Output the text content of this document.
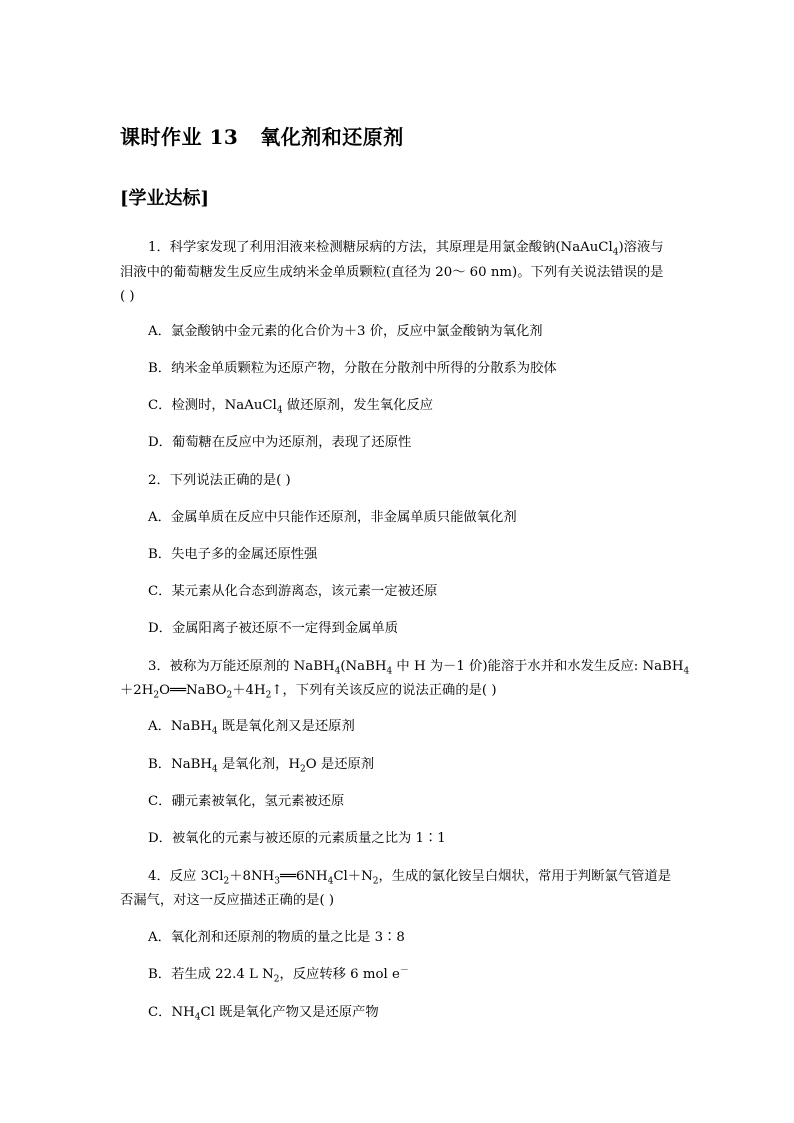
课时作业 13 氧化剂和还原剂
[学业达标]
1．科学家发现了利用泪液来检测糖尿病的方法，其原理是用氯金酸钠(NaAuCl$_4$)溶液与
泪液中的葡萄糖发生反应生成纳米金单质颗粒(直径为 20～ 60 nm)。下列有关说法错误的是
( )
A．氯金酸钠中金元素的化合价为＋3 价，反应中氯金酸钠为氧化剂
B．纳米金单质颗粒为还原产物，分散在分散剂中所得的分散系为胶体
C．检测时，NaAuCl$_4$ 做还原剂，发生氧化反应
D．葡萄糖在反应中为还原剂，表现了还原性
2．下列说法正确的是( )
A．金属单质在反应中只能作还原剂，非金属单质只能做氧化剂
B．失电子多的金属还原性强
C．某元素从化合态到游离态，该元素一定被还原
D．金属阳离子被还原不一定得到金属单质
3．被称为万能还原剂的 NaBH$_4$(NaBH$_4$ 中 H 为－1 价)能溶于水并和水发生反应: NaBH$_4$
$+2H_2O══NaBO_2+4H_2↑$，下列有关该反应的说法正确的是( )
A．NaBH$_4$ 既是氧化剂又是还原剂
B．NaBH$_4$ 是氧化剂，$H_2O$ 是还原剂
C．硼元素被氧化，氢元素被还原
D．被氧化的元素与被还原的元素质量之比为 1∶1
4．反应 $3Cl_2+8NH_3══6NH_4Cl+N_2$，生成的氯化铵呈白烟状，常用于判断氯气管道是
否漏气，对这一反应描述正确的是( )
A．氧化剂和还原剂的物质的量之比是 3∶8
B．若生成 22.4 L $N_2$，反应转移 6 mol e－
C．$NH_4Cl$ 既是氧化产物又是还原产物
